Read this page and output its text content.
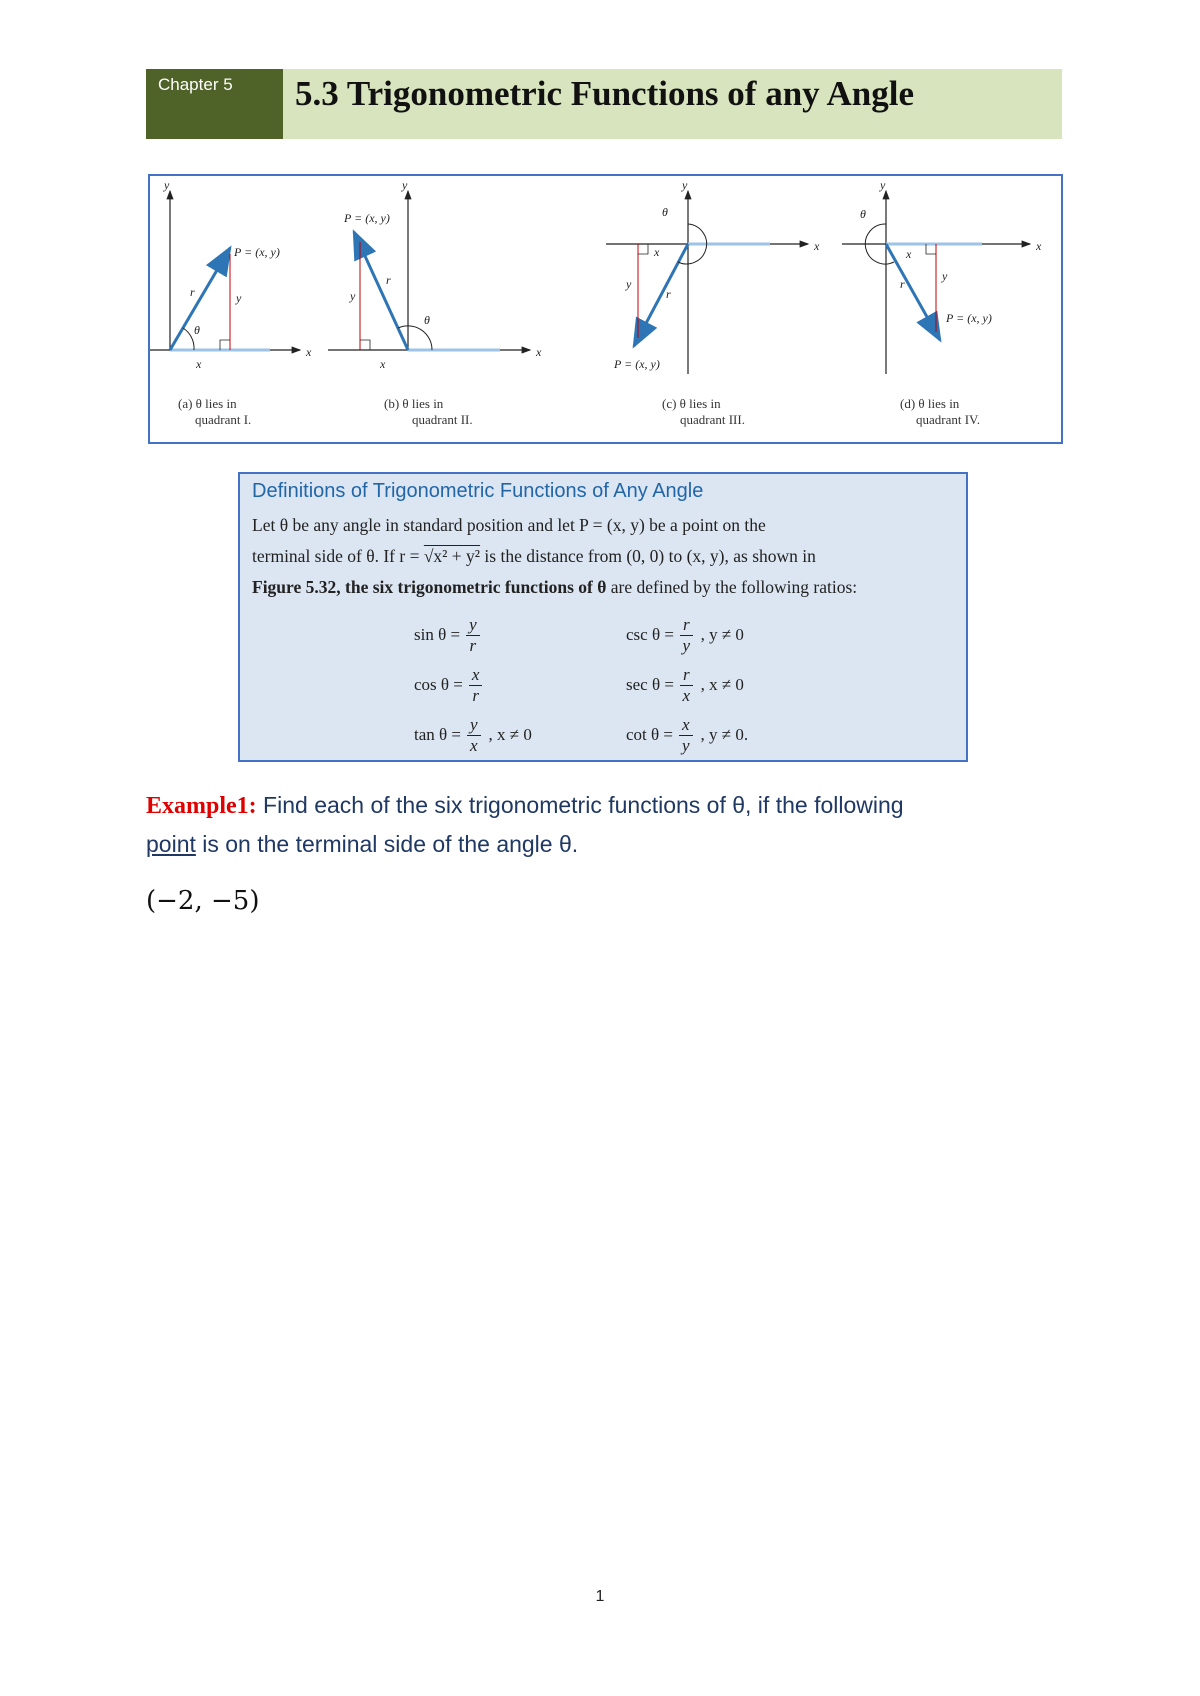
Chapter 5	5.3 Trigonometric Functions of any Angle
y
x
P = (x, y)
r	y
θ
x
(a) θ lies in
quadrant I.
y
x
P = (x, y)
r
y
θ
x
(b) θ lies in
quadrant II.
y
x
θ
x
y
r
P = (x, y)
(c) θ lies in
quadrant III.
y
x
θ
x
y
r
P = (x, y)
(d) θ lies in
quadrant IV.
Definitions of Trigonometric Functions of Any Angle
Let θ be any angle in standard position and let P = (x, y) be a point on the
terminal side of θ. If r = √x² + y² is the distance from (0, 0) to (x, y), as shown in
Figure 5.32, the six trigonometric functions of θ are defined by the following ratios:
$\sin \theta = \frac{y}{r}$	$\csc \theta = \frac{r}{y}$ , y ≠ 0
$\cos \theta = \frac{x}{r}$	$\sec \theta = \frac{r}{x}$ , x ≠ 0
$\tan \theta = \frac{y}{x}$ , x ≠ 0	$\cot \theta = \frac{x}{y}$ , y ≠ 0.
Example1: Find each of the six trigonometric functions of θ, if the following
point is on the terminal side of the angle θ.
(−2, −5)
1
